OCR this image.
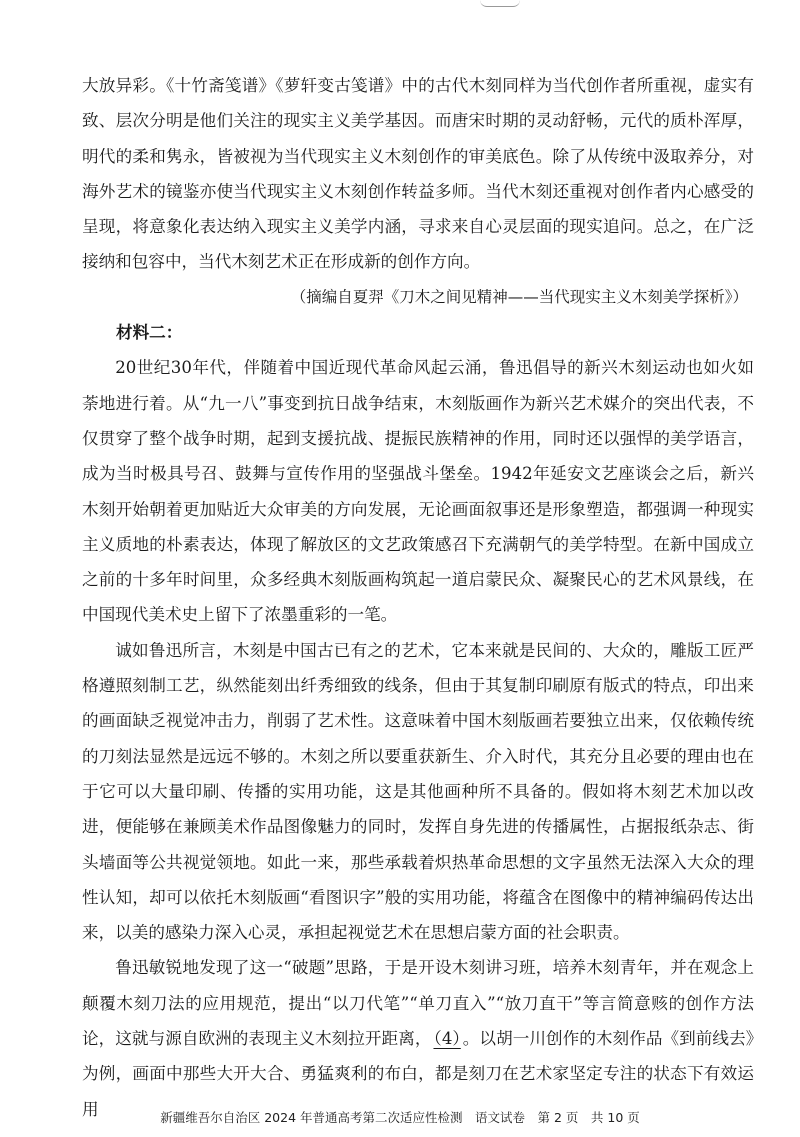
大放异彩。《十竹斋笺谱》《萝轩变古笺谱》中的古代木刻同样为当代创作者所重视，虚实有致、层次分明是他们关注的现实主义美学基因。而唐宋时期的灵动舒畅，元代的质朴浑厚，明代的柔和隽永，皆被视为当代现实主义木刻创作的审美底色。除了从传统中汲取养分，对海外艺术的镜鉴亦使当代现实主义木刻创作转益多师。当代木刻还重视对创作者内心感受的呈现，将意象化表达纳入现实主义美学内涵，寻求来自心灵层面的现实追问。总之，在广泛接纳和包容中，当代木刻艺术正在形成新的创作方向。

（摘编自夏羿《刀木之间见精神——当代现实主义木刻美学探析》）

材料二：

20世纪30年代，伴随着中国近现代革命风起云涌，鲁迅倡导的新兴木刻运动也如火如荼地进行着。从“九一八”事变到抗日战争结束，木刻版画作为新兴艺术媒介的突出代表，不仅贯穿了整个战争时期，起到支援抗战、提振民族精神的作用，同时还以强悍的美学语言，成为当时极具号召、鼓舞与宣传作用的坚强战斗堡垒。1942年延安文艺座谈会之后，新兴木刻开始朝着更加贴近大众审美的方向发展，无论画面叙事还是形象塑造，都强调一种现实主义质地的朴素表达，体现了解放区的文艺政策感召下充满朝气的美学特型。在新中国成立之前的十多年时间里，众多经典木刻版画构筑起一道启蒙民众、凝聚民心的艺术风景线，在中国现代美术史上留下了浓墨重彩的一笔。

诚如鲁迅所言，木刻是中国古已有之的艺术，它本来就是民间的、大众的，雕版工匠严格遵照刻制工艺，纵然能刻出纤秀细致的线条，但由于其复制印刷原有版式的特点，印出来的画面缺乏视觉冲击力，削弱了艺术性。这意味着中国木刻版画若要独立出来，仅依赖传统的刀刻法显然是远远不够的。木刻之所以要重获新生、介入时代，其充分且必要的理由也在于它可以大量印刷、传播的实用功能，这是其他画种所不具备的。假如将木刻艺术加以改进，便能够在兼顾美术作品图像魅力的同时，发挥自身先进的传播属性，占据报纸杂志、街头墙面等公共视觉领地。如此一来，那些承载着炽热革命思想的文字虽然无法深入大众的理性认知，却可以依托木刻版画“看图识字”般的实用功能，将蕴含在图像中的精神编码传达出来，以美的感染力深入心灵，承担起视觉艺术在思想启蒙方面的社会职责。

鲁迅敏锐地发现了这一“破题”思路，于是开设木刻讲习班，培养木刻青年，并在观念上颠覆木刻刀法的应用规范，提出“以刀代笔”“单刀直入”“放刀直干”等言简意赅的创作方法论，这就与源自欧洲的表现主义木刻拉开距离， （4） 。以胡一川创作的木刻作品《到前线去》为例，画面中那些大开大合、勇猛爽利的布白，都是刻刀在艺术家坚定专注的状态下有效运用	新疆维吾尔自治区 2024 年普通高考第二次适应性检测　语文试卷　第 2 页　共 10 页
